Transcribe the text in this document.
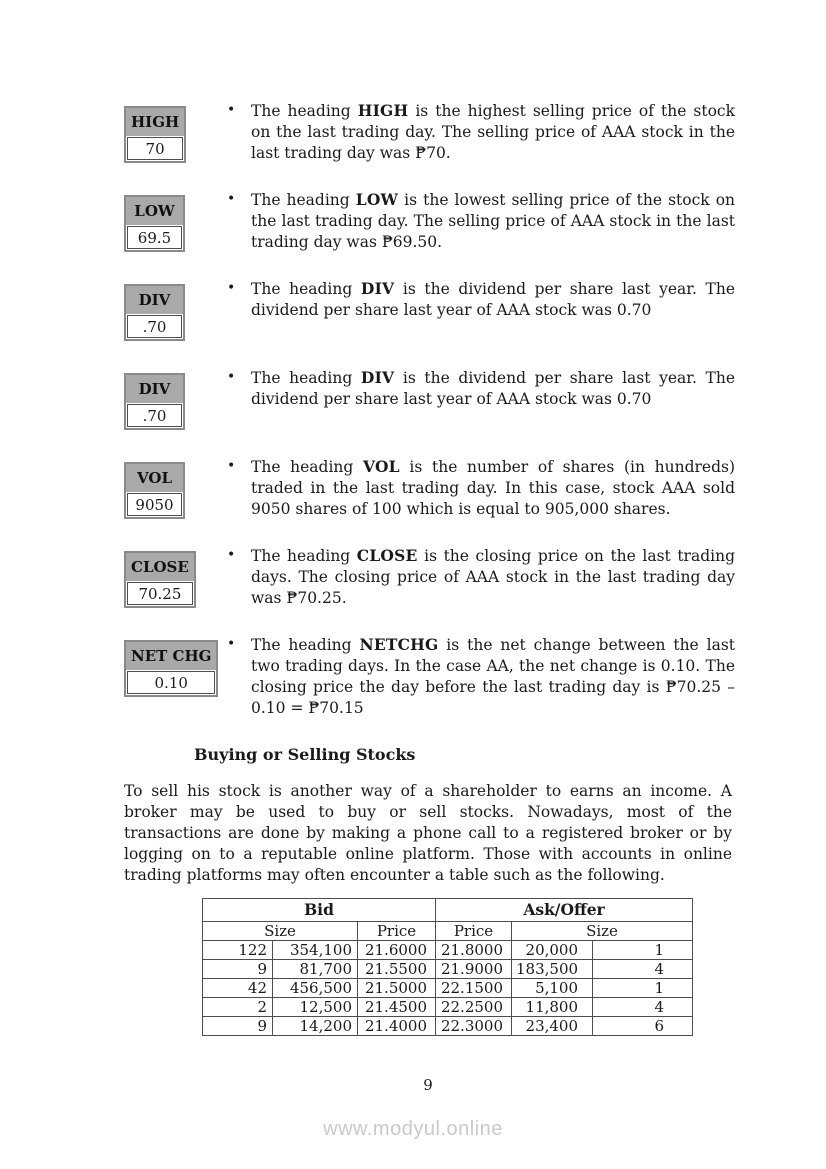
HIGH
70
•	The heading HIGH is the highest selling price of the stock on the last trading day. The selling price of AAA stock in the last trading day was ₱70.

LOW
69.5
•	The heading LOW is the lowest selling price of the stock on the last trading day. The selling price of AAA stock in the last trading day was ₱69.50.

DIV
.70
•	The heading DIV is the dividend per share last year. The dividend per share last year of AAA stock was 0.70

DIV
.70
•	The heading DIV is the dividend per share last year. The dividend per share last year of AAA stock was 0.70

VOL
9050
•	The heading VOL is the number of shares (in hundreds) traded in the last trading day. In this case, stock AAA sold 9050 shares of 100 which is equal to 905,000 shares.

CLOSE
70.25
•	The heading CLOSE is the closing price on the last trading days. The closing price of AAA stock in the last trading day was ₱70.25.

NET CHG
0.10
•	The heading NETCHG is the net change between the last two trading days. In the case AA, the net change is 0.10. The closing price the day before the last trading day is ₱70.25 – 0.10 = ₱70.15

Buying or Selling Stocks

To sell his stock is another way of a shareholder to earns an income. A broker may be used to buy or sell stocks. Nowadays, most of the transactions are done by making a phone call to a registered broker or by logging on to a reputable online platform. Those with accounts in online trading platforms may often encounter a table such as the following.

Bid			Ask/Offer		
Size		Price	Price	Size	
122	354,100	21.6000	21.8000	20,000	1
9	81,700	21.5500	21.9000	183,500	4
42	456,500	21.5000	22.1500	5,100	1
2	12,500	21.4500	22.2500	11,800	4
9	14,200	21.4000	22.3000	23,400	6
9
www.modyul.online
